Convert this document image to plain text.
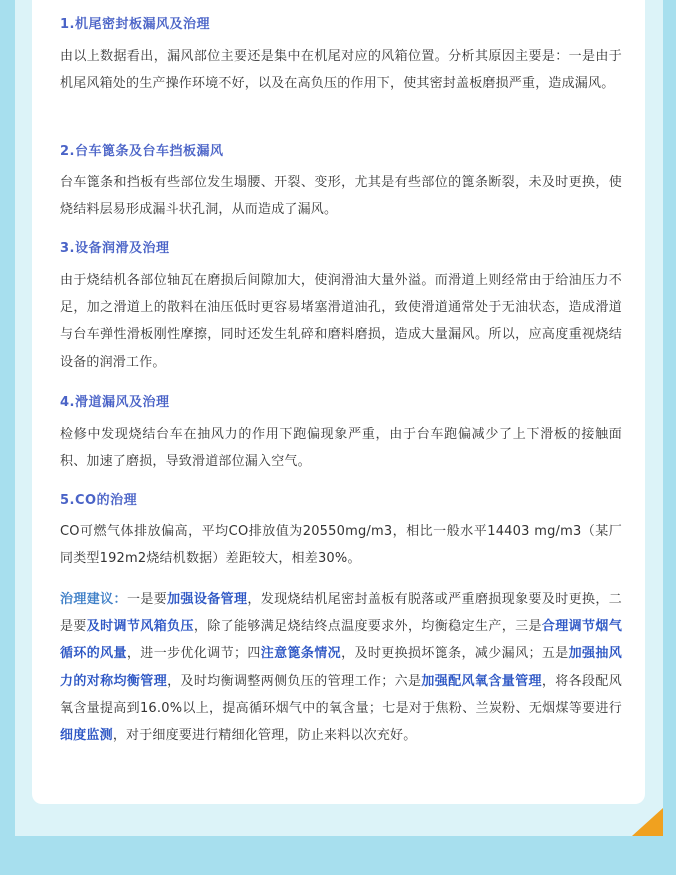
1.机尾密封板漏风及治理
由以上数据看出，漏风部位主要还是集中在机尾对应的风箱位置。分析其原因主要是：一是由于机尾风箱处的生产操作环境不好，以及在高负压的作用下，使其密封盖板磨损严重，造成漏风。
2.台车篦条及台车挡板漏风
台车篦条和挡板有些部位发生塌腰、开裂、变形，尤其是有些部位的篦条断裂，未及时更换，使烧结料层易形成漏斗状孔洞，从而造成了漏风。
3.设备润滑及治理
由于烧结机各部位轴瓦在磨损后间隙加大，使润滑油大量外溢。而滑道上则经常由于给油压力不足，加之滑道上的散料在油压低时更容易堵塞滑道油孔，致使滑道通常处于无油状态，造成滑道与台车弹性滑板刚性摩擦，同时还发生轧碎和磨料磨损，造成大量漏风。所以，应高度重视烧结设备的润滑工作。
4.滑道漏风及治理
检修中发现烧结台车在抽风力的作用下跑偏现象严重，由于台车跑偏减少了上下滑板的接触面积、加速了磨损，导致滑道部位漏入空气。
5.CO的治理
CO可燃气体排放偏高，平均CO排放值为20550mg/m3，相比一般水平14403 mg/m3（某厂同类型192m2烧结机数据）差距较大，相差30%。
治理建议：一是要加强设备管理，发现烧结机尾密封盖板有脱落或严重磨损现象要及时更换，二是要及时调节风箱负压，除了能够满足烧结终点温度要求外，均衡稳定生产，三是合理调节烟气循环的风量，进一步优化调节；四注意篦条情况，及时更换损坏篦条，减少漏风；五是加强抽风力的对称均衡管理，及时均衡调整两侧负压的管理工作；六是加强配风氧含量管理，将各段配风氧含量提高到16.0%以上，提高循环烟气中的氧含量；七是对于焦粉、兰炭粉、无烟煤等要进行细度监测，对于细度要进行精细化管理，防止来料以次充好。
